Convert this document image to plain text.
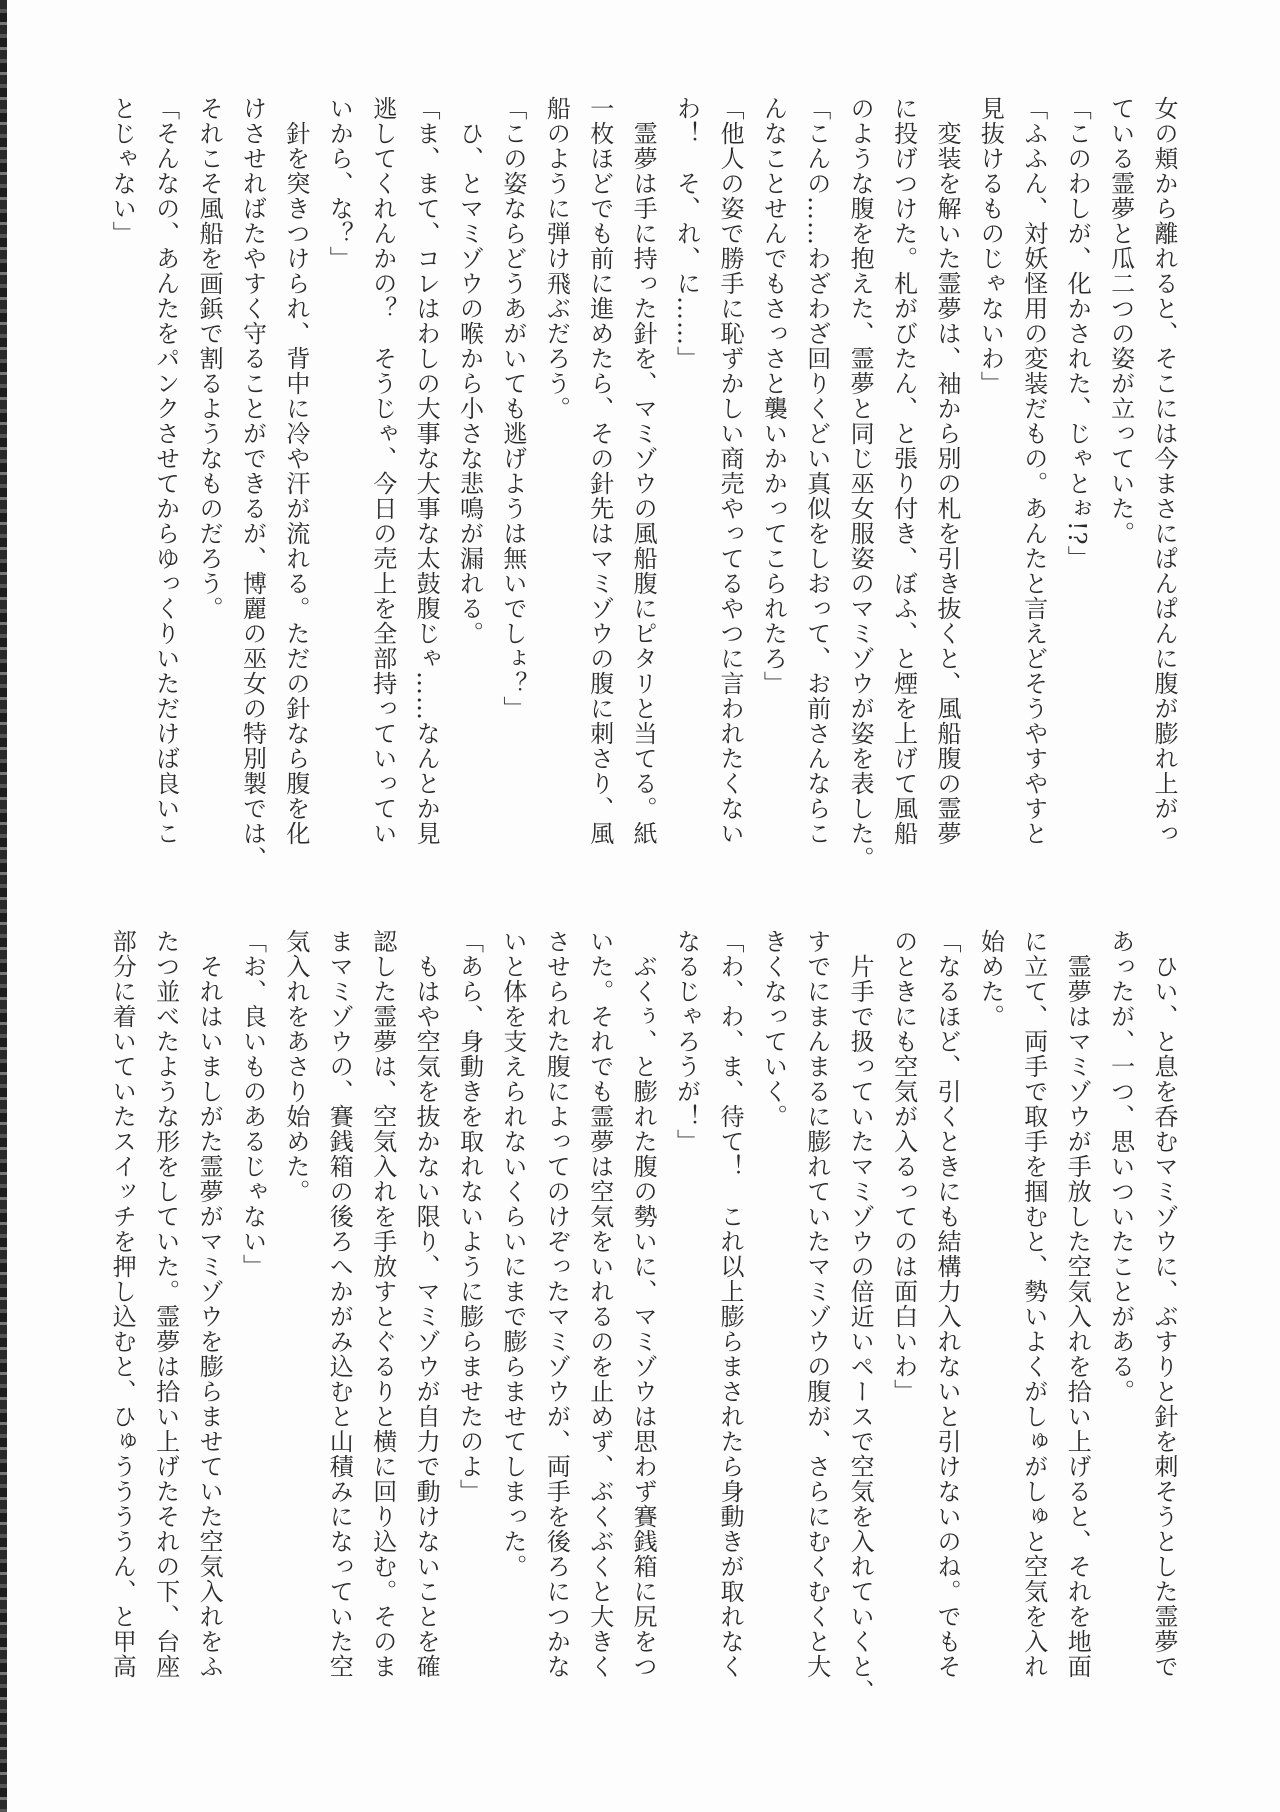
女の頬から離れると、そこには今まさにぱんぱんに腹が膨れ上がっ
ている霊夢と瓜二つの姿が立っていた。
「このわしが、化かされた、じゃとぉ!?」
「ふふん、対妖怪用の変装だもの。あんたと言えどそうやすやすと
見抜けるものじゃないわ」
　変装を解いた霊夢は、袖から別の札を引き抜くと、風船腹の霊夢
に投げつけた。札がびたん、と張り付き、ぼふ、と煙を上げて風船
のような腹を抱えた、霊夢と同じ巫女服姿のマミゾウが姿を表した。
「こんの……わざわざ回りくどい真似をしおって、お前さんならこ
んなことせんでもさっさと襲いかかってこられたろ」
「他人の姿で勝手に恥ずかしい商売やってるやつに言われたくない
わ！　そ、れ、に……」
　霊夢は手に持った針を、マミゾウの風船腹にピタリと当てる。紙
一枚ほどでも前に進めたら、その針先はマミゾウの腹に刺さり、風
船のように弾け飛ぶだろう。
「この姿ならどうあがいても逃げようは無いでしょ？」
　ひ、とマミゾウの喉から小さな悲鳴が漏れる。
「ま、まて、コレはわしの大事な大事な太鼓腹じゃ……なんとか見
逃してくれんかの？　そうじゃ、今日の売上を全部持っていってい
いから、な？」
　針を突きつけられ、背中に冷や汗が流れる。ただの針なら腹を化
けさせればたやすく守ることができるが、博麗の巫女の特別製では、
それこそ風船を画鋲で割るようなものだろう。
「そんなの、あんたをパンクさせてからゆっくりいただけば良いこ
とじゃない」
　ひい、と息を呑むマミゾウに、ぶすりと針を刺そうとした霊夢で
あったが、一つ、思いついたことがある。
　霊夢はマミゾウが手放した空気入れを拾い上げると、それを地面
に立て、両手で取手を掴むと、勢いよくがしゅがしゅと空気を入れ
始めた。
「なるほど、引くときにも結構力入れないと引けないのね。でもそ
のときにも空気が入るってのは面白いわ」
　片手で扱っていたマミゾウの倍近いペースで空気を入れていくと、
すでにまんまるに膨れていたマミゾウの腹が、さらにむくむくと大
きくなっていく。
「わ、わ、ま、待て！　これ以上膨らまされたら身動きが取れなく
なるじゃろうが！」
　ぶくぅ、と膨れた腹の勢いに、マミゾウは思わず賽銭箱に尻をつ
いた。それでも霊夢は空気をいれるのを止めず、ぶくぶくと大きく
させられた腹によってのけぞったマミゾウが、両手を後ろにつかな
いと体を支えられないくらいにまで膨らませてしまった。
「あら、身動きを取れないように膨らませたのよ」
　もはや空気を抜かない限り、マミゾウが自力で動けないことを確
認した霊夢は、空気入れを手放すとぐるりと横に回り込む。そのま
まマミゾウの、賽銭箱の後ろへかがみ込むと山積みになっていた空
気入れをあさり始めた。
「お、良いものあるじゃない」
　それはいましがた霊夢がマミゾウを膨らませていた空気入れをふ
たつ並べたような形をしていた。霊夢は拾い上げたそれの下、台座
部分に着いていたスイッチを押し込むと、ひゅううううん、と甲高
